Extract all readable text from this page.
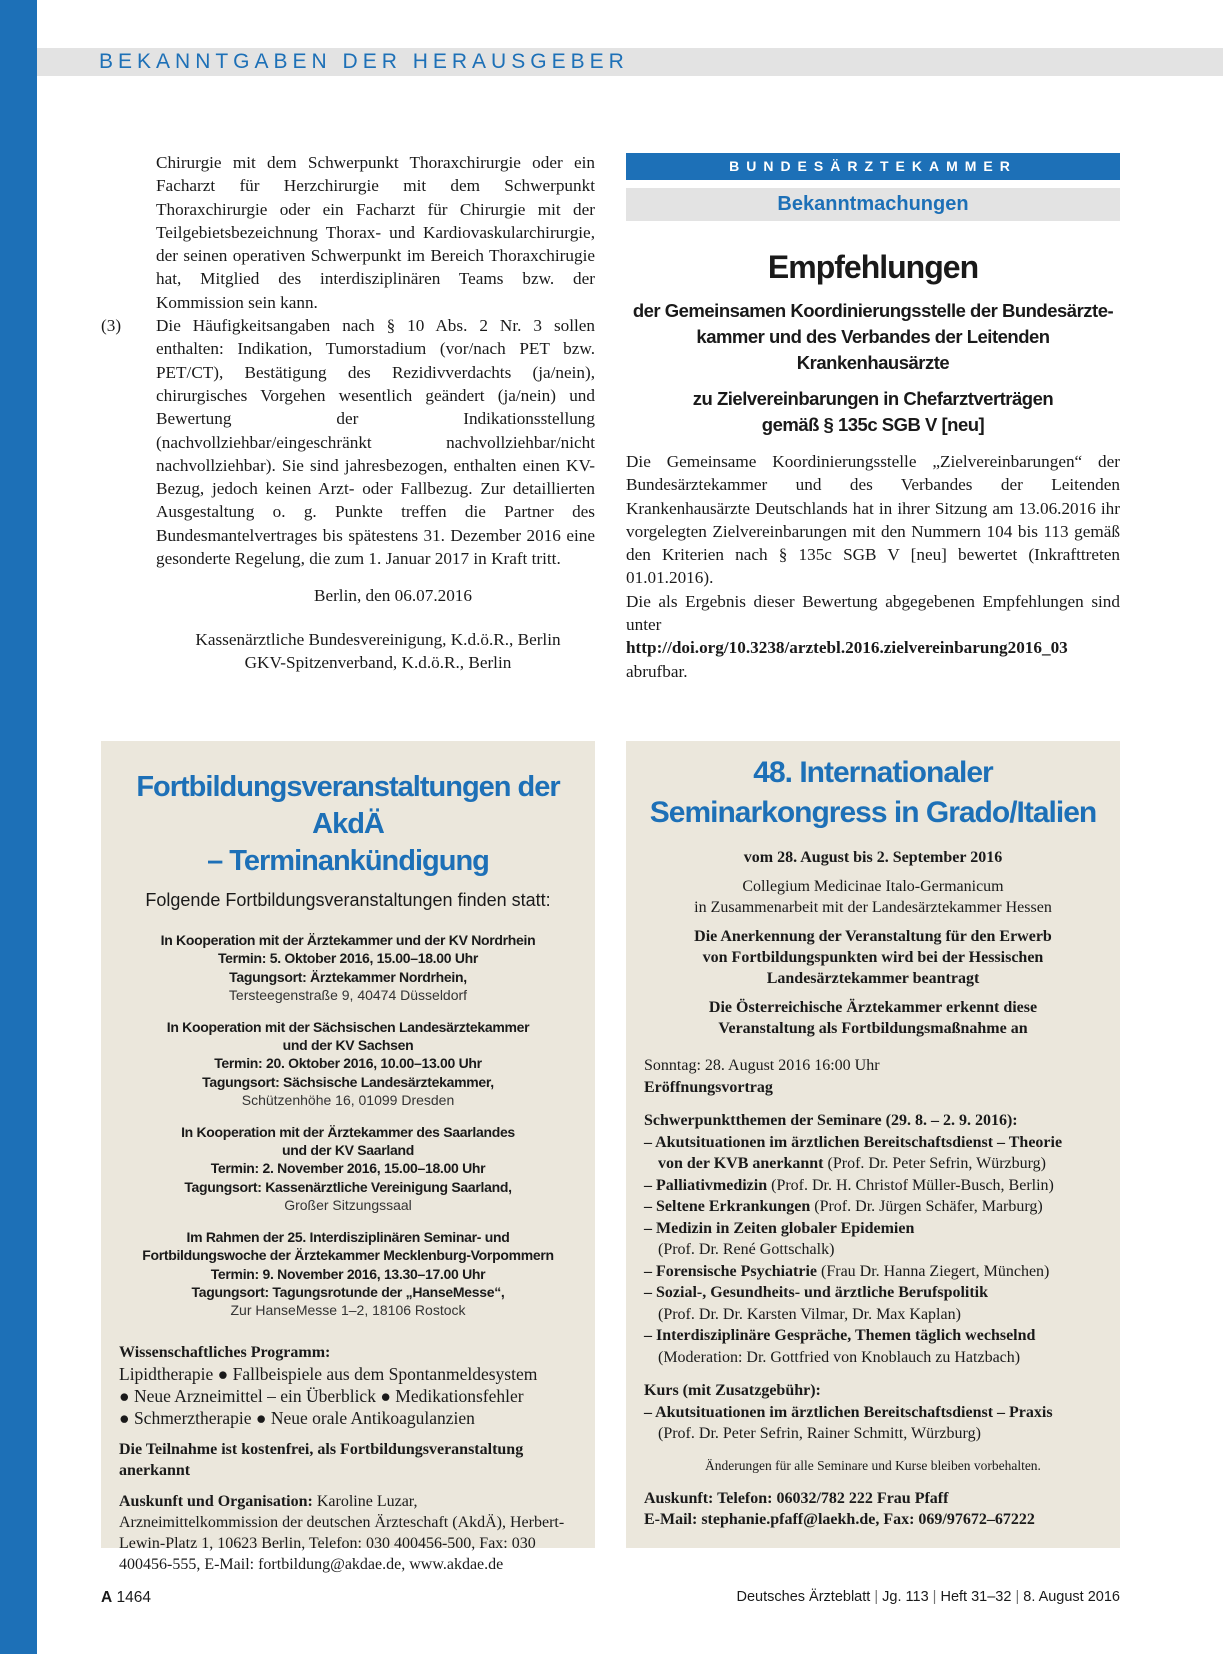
BEKANNTGABEN DER HERAUSGEBER
Chirurgie mit dem Schwerpunkt Thoraxchirurgie oder ein Facharzt für Herzchirurgie mit dem Schwerpunkt Thoraxchirurgie oder ein Facharzt für Chirurgie mit der Teilgebietsbezeichnung Thorax- und Kardiovaskularchirurgie, der seinen operativen Schwerpunkt im Bereich Thoraxchirugie hat, Mitglied des interdisziplinären Teams bzw. der Kommission sein kann.
(3)	Die Häufigkeitsangaben nach § 10 Abs. 2 Nr. 3 sollen enthalten: Indikation, Tumorstadium (vor/nach PET bzw. PET/CT), Bestätigung des Rezidivverdachts (ja/nein), chirurgisches Vorgehen wesentlich geändert (ja/nein) und Bewertung der Indikationsstellung (nachvollziehbar/eingeschränkt nachvollziehbar/nicht nachvollziehbar). Sie sind jahresbezogen, enthalten einen KV-Bezug, jedoch keinen Arzt- oder Fallbezug. Zur detaillierten Ausgestaltung o. g. Punkte treffen die Partner des Bundesmantelvertrages bis spätestens 31. Dezember 2016 eine gesonderte Regelung, die zum 1. Januar 2017 in Kraft tritt.
Berlin, den 06.07.2016
Kassenärztliche Bundesvereinigung, K.d.ö.R., Berlin
GKV-Spitzenverband, K.d.ö.R., Berlin
BUNDESÄRZTEKAMMER
Bekanntmachungen
Empfehlungen
der Gemeinsamen Koordinierungsstelle der Bundesärzte-
kammer und des Verbandes der Leitenden Krankenhausärzte
zu Zielvereinbarungen in Chefarztverträgen
gemäß § 135c SGB V [neu]
Die Gemeinsame Koordinierungsstelle „Zielvereinbarungen“ der Bundesärztekammer und des Verbandes der Leitenden Krankenhausärzte Deutschlands hat in ihrer Sitzung am 13.06.2016 ihr vorgelegten Zielvereinbarungen mit den Nummern 104 bis 113 gemäß den Kriterien nach § 135c SGB V [neu] bewertet (Inkrafttreten 01.01.2016).
Die als Ergebnis dieser Bewertung abgegebenen Empfehlungen sind unter
http://doi.org/10.3238/arztebl.2016.zielvereinbarung2016_03
abrufbar.
Fortbildungsveranstaltungen der AkdÄ
– Terminankündigung
Folgende Fortbildungsveranstaltungen finden statt:
In Kooperation mit der Ärztekammer und der KV Nordrhein
Termin: 5. Oktober 2016, 15.00–18.00 Uhr
Tagungsort: Ärztekammer Nordrhein,
Tersteegenstraße 9, 40474 Düsseldorf
In Kooperation mit der Sächsischen Landesärztekammer
und der KV Sachsen
Termin: 20. Oktober 2016, 10.00–13.00 Uhr
Tagungsort: Sächsische Landesärztekammer,
Schützenhöhe 16, 01099 Dresden
In Kooperation mit der Ärztekammer des Saarlandes
und der KV Saarland
Termin: 2. November 2016, 15.00–18.00 Uhr
Tagungsort: Kassenärztliche Vereinigung Saarland,
Großer Sitzungssaal
Im Rahmen der 25. Interdisziplinären Seminar- und
Fortbildungswoche der Ärztekammer Mecklenburg-Vorpommern
Termin: 9. November 2016, 13.30–17.00 Uhr
Tagungsort: Tagungsrotunde der „HanseMesse“,
Zur HanseMesse 1–2, 18106 Rostock
Wissenschaftliches Programm:
Lipidtherapie ● Fallbeispiele aus dem Spontanmeldesystem
● Neue Arzneimittel – ein Überblick ● Medikationsfehler
● Schmerztherapie ● Neue orale Antikoagulanzien
Die Teilnahme ist kostenfrei, als Fortbildungsveranstaltung anerkannt
Auskunft und Organisation: Karoline Luzar, Arzneimittelkommission der deutschen Ärzteschaft (AkdÄ), Herbert-Lewin-Platz 1, 10623 Berlin, Telefon: 030 400456-500, Fax: 030 400456-555, E-Mail: fortbildung@akdae.de, www.akdae.de
48. Internationaler
Seminarkongress in Grado/Italien
vom 28. August bis 2. September 2016
Collegium Medicinae Italo-Germanicum
in Zusammenarbeit mit der Landesärztekammer Hessen
Die Anerkennung der Veranstaltung für den Erwerb
von Fortbildungspunkten wird bei der Hessischen
Landesärztekammer beantragt
Die Österreichische Ärztekammer erkennt diese
Veranstaltung als Fortbildungsmaßnahme an
Sonntag: 28. August 2016 16:00 Uhr
Eröffnungsvortrag
Schwerpunktthemen der Seminare (29. 8. – 2. 9. 2016):
– Akutsituationen im ärztlichen Bereitschaftsdienst – Theorie
von der KVB anerkannt (Prof. Dr. Peter Sefrin, Würzburg)
– Palliativmedizin (Prof. Dr. H. Christof Müller-Busch, Berlin)
– Seltene Erkrankungen (Prof. Dr. Jürgen Schäfer, Marburg)
– Medizin in Zeiten globaler Epidemien
(Prof. Dr. René Gottschalk)
– Forensische Psychiatrie (Frau Dr. Hanna Ziegert, München)
– Sozial-, Gesundheits- und ärztliche Berufspolitik
(Prof. Dr. Dr. Karsten Vilmar, Dr. Max Kaplan)
– Interdisziplinäre Gespräche, Themen täglich wechselnd
(Moderation: Dr. Gottfried von Knoblauch zu Hatzbach)
Kurs (mit Zusatzgebühr):
– Akutsituationen im ärztlichen Bereitschaftsdienst – Praxis
(Prof. Dr. Peter Sefrin, Rainer Schmitt, Würzburg)
Änderungen für alle Seminare und Kurse bleiben vorbehalten.
Auskunft: Telefon: 06032/782 222 Frau Pfaff
E-Mail: stephanie.pfaff@laekh.de, Fax: 069/97672–67222
A 1464	Deutsches Ärzteblatt | Jg. 113 | Heft 31–32 | 8. August 2016
